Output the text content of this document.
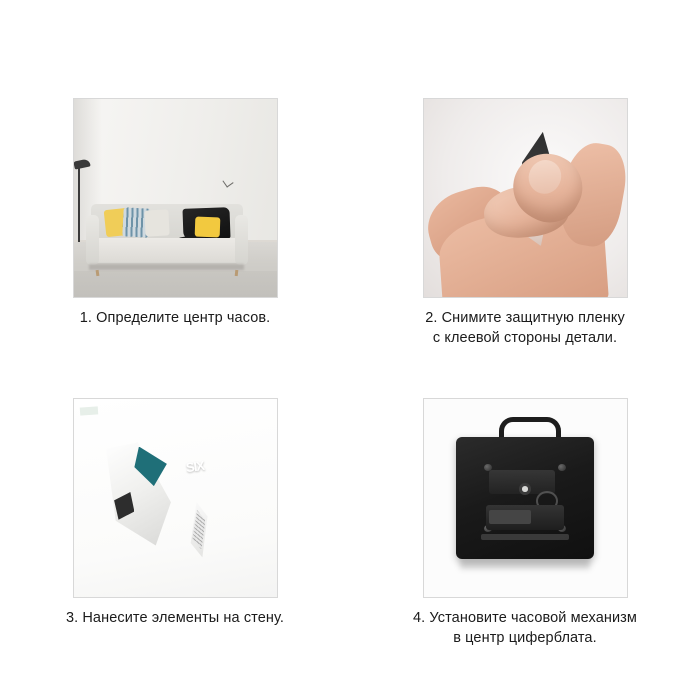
1. Определите центр часов.	2. Снимите защитную пленку
с клеевой стороны детали.
SIX
3. Нанесите элементы на стену.	4. Установите часовой механизм
в центр циферблата.
